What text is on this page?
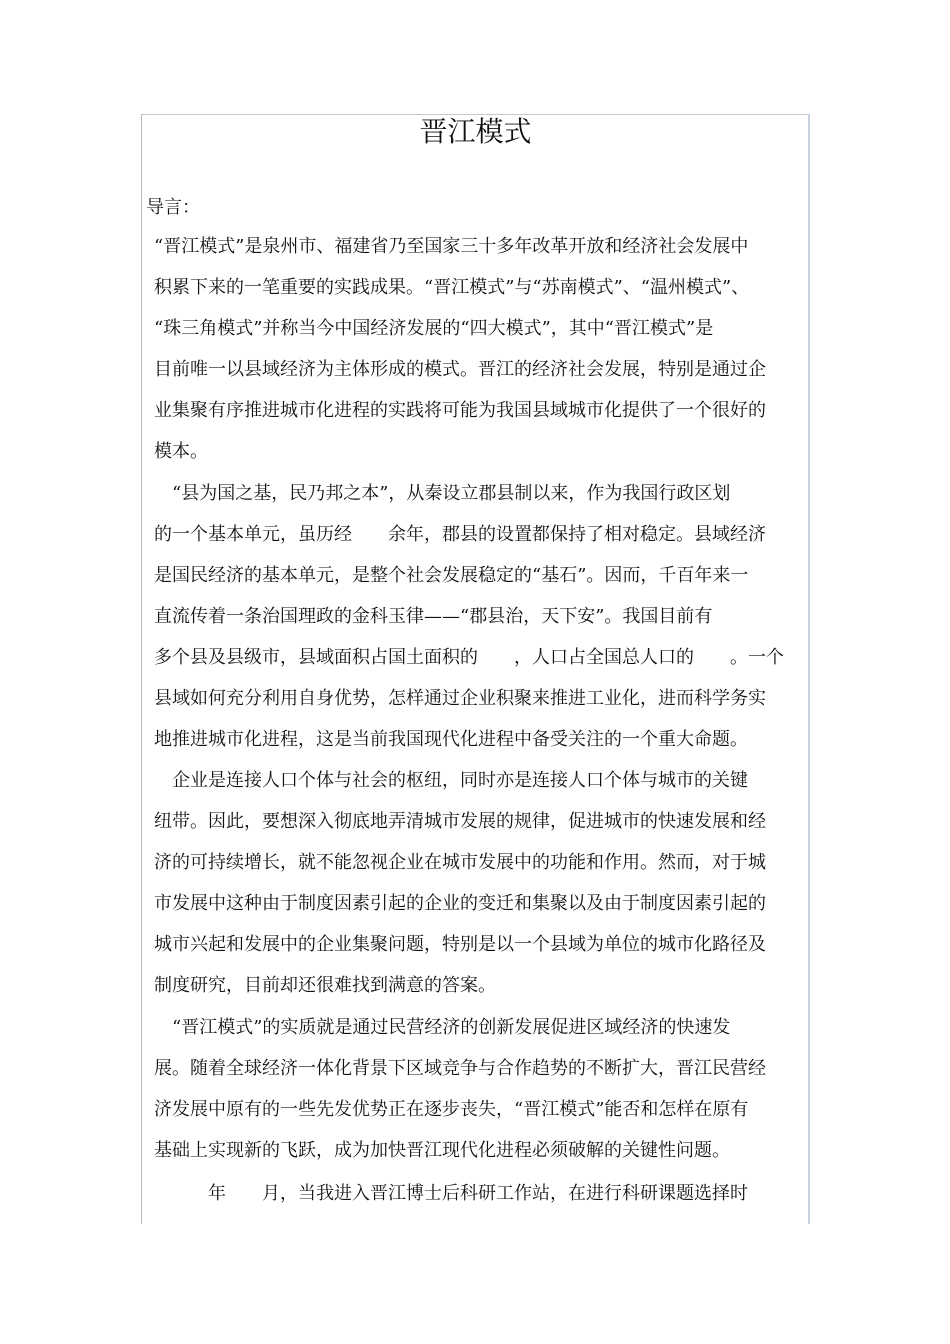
晋江模式
导言：
“晋江模式”是泉州市、福建省乃至国家三十多年改革开放和经济社会发展中
积累下来的一笔重要的实践成果。“晋江模式”与“苏南模式”、“温州模式”、
“珠三角模式”并称当今中国经济发展的“四大模式”，其中“晋江模式”是
目前唯一以县域经济为主体形成的模式。晋江的经济社会发展，特别是通过企
业集聚有序推进城市化进程的实践将可能为我国县域城市化提供了一个很好的
模本。
　“县为国之基，民乃邦之本”，从秦设立郡县制以来，作为我国行政区划
的一个基本单元，虽历经　　余年，郡县的设置都保持了相对稳定。县域经济
是国民经济的基本单元，是整个社会发展稳定的“基石”。因而，千百年来一
直流传着一条治国理政的金科玉律——“郡县治，天下安”。我国目前有
多个县及县级市，县域面积占国土面积的　　，人口占全国总人口的　　。一个
县域如何充分利用自身优势，怎样通过企业积聚来推进工业化，进而科学务实
地推进城市化进程，这是当前我国现代化进程中备受关注的一个重大命题。
　企业是连接人口个体与社会的枢纽，同时亦是连接人口个体与城市的关键
纽带。因此，要想深入彻底地弄清城市发展的规律，促进城市的快速发展和经
济的可持续增长，就不能忽视企业在城市发展中的功能和作用。然而，对于城
市发展中这种由于制度因素引起的企业的变迁和集聚以及由于制度因素引起的
城市兴起和发展中的企业集聚问题，特别是以一个县域为单位的城市化路径及
制度研究，目前却还很难找到满意的答案。
　“晋江模式”的实质就是通过民营经济的创新发展促进区域经济的快速发
展。随着全球经济一体化背景下区域竞争与合作趋势的不断扩大，晋江民营经
济发展中原有的一些先发优势正在逐步丧失，“晋江模式”能否和怎样在原有
基础上实现新的飞跃，成为加快晋江现代化进程必须破解的关键性问题。
　　　年　　月，当我进入晋江博士后科研工作站，在进行科研课题选择时
